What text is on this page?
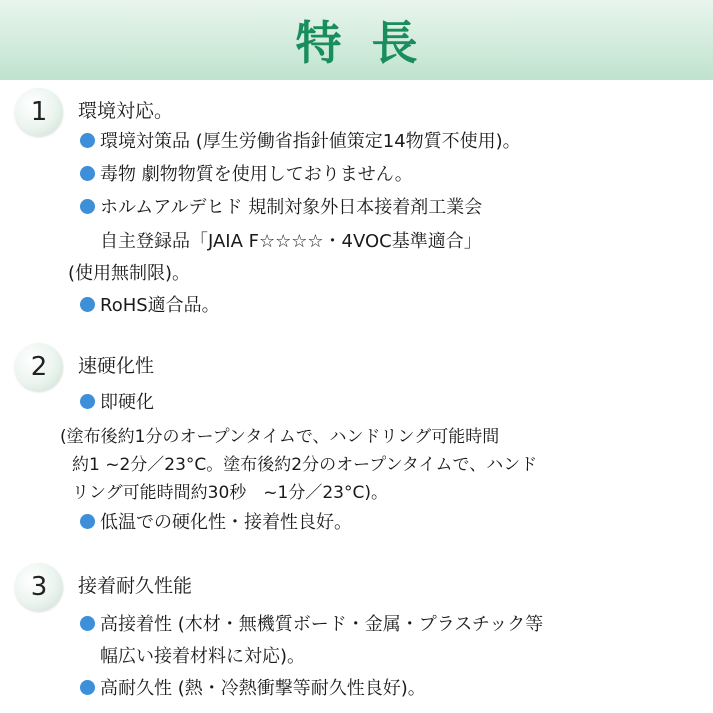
特長
1	環境対応。
環境対策品 (厚生労働省指針値策定14物質不使用)。
毒物 劇物物質を使用しておりません。
ホルムアルデヒド 規制対象外日本接着剤工業会
自主登録品「JAIA F☆☆☆☆・4VOC基準適合」
(使用無制限)。
RoHS適合品。
2	速硬化性
即硬化
(塗布後約1分のオープンタイムで、ハンドリング可能時間
約1 ~2分／23°C。塗布後約2分のオープンタイムで、ハンド
リング可能時間約30秒　~1分／23°C)。
低温での硬化性・接着性良好。
3	接着耐久性能
高接着性 (木材・無機質ボード・金属・プラスチック等
幅広い接着材料に対応)。
高耐久性 (熱・冷熱衝撃等耐久性良好)。
